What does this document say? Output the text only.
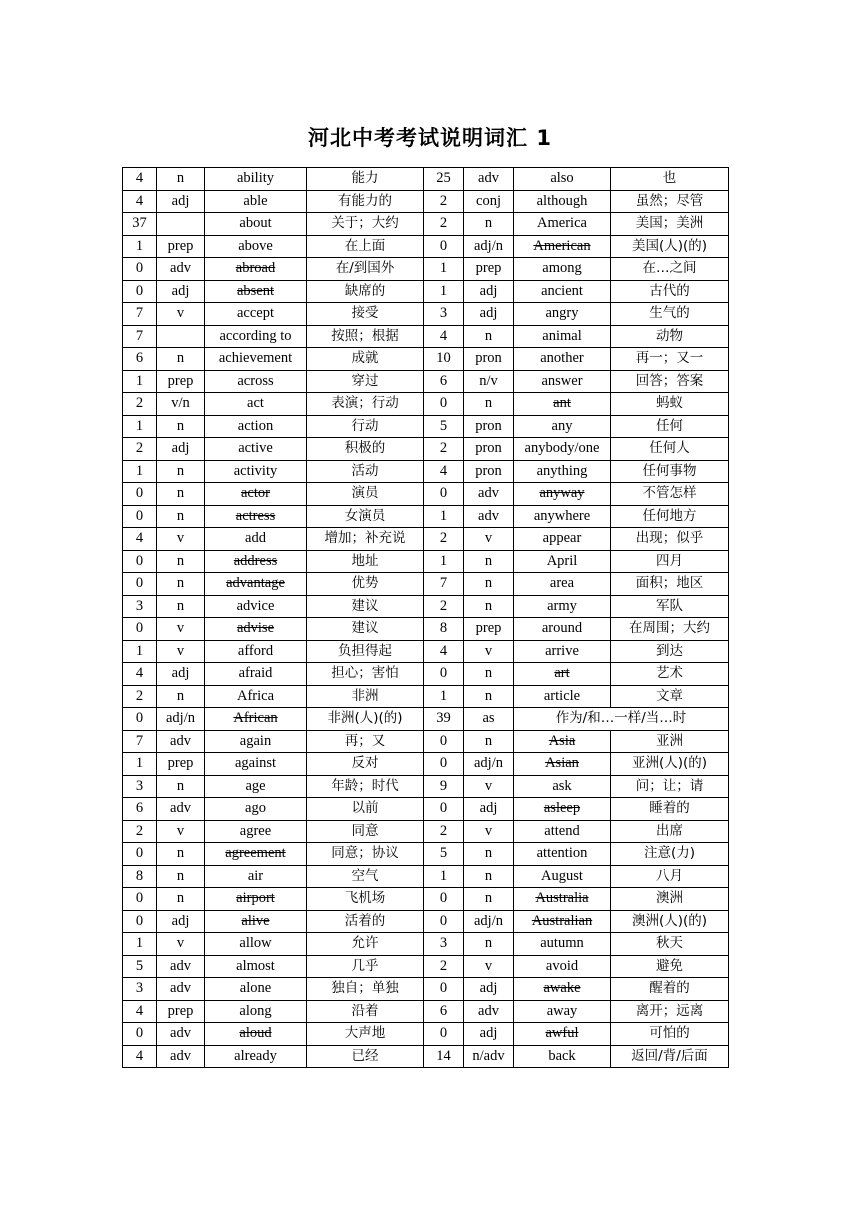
河北中考考试说明词汇 1
4	n	ability	能力	25	adv	also	也
4	adj	able	有能力的	2	conj	although	虽然；尽管
37		about	关于；大约	2	n	America	美国；美洲
1	prep	above	在上面	0	adj/n	American	美国(人)(的)
0	adv	abroad	在/到国外	1	prep	among	在…之间
0	adj	absent	缺席的	1	adj	ancient	古代的
7	v	accept	接受	3	adj	angry	生气的
7		according to	按照；根据	4	n	animal	动物
6	n	achievement	成就	10	pron	another	再一；又一
1	prep	across	穿过	6	n/v	answer	回答；答案
2	v/n	act	表演；行动	0	n	ant	蚂蚁
1	n	action	行动	5	pron	any	任何
2	adj	active	积极的	2	pron	anybody/one	任何人
1	n	activity	活动	4	pron	anything	任何事物
0	n	actor	演员	0	adv	anyway	不管怎样
0	n	actress	女演员	1	adv	anywhere	任何地方
4	v	add	增加；补充说	2	v	appear	出现；似乎
0	n	address	地址	1	n	April	四月
0	n	advantage	优势	7	n	area	面积；地区
3	n	advice	建议	2	n	army	军队
0	v	advise	建议	8	prep	around	在周围；大约
1	v	afford	负担得起	4	v	arrive	到达
4	adj	afraid	担心；害怕	0	n	art	艺术
2	n	Africa	非洲	1	n	article	文章
0	adj/n	African	非洲(人)(的)	39	as	作为/和…一样/当…时	
7	adv	again	再；又	0	n	Asia	亚洲
1	prep	against	反对	0	adj/n	Asian	亚洲(人)(的)
3	n	age	年龄；时代	9	v	ask	问；让；请
6	adv	ago	以前	0	adj	asleep	睡着的
2	v	agree	同意	2	v	attend	出席
0	n	agreement	同意；协议	5	n	attention	注意(力)
8	n	air	空气	1	n	August	八月
0	n	airport	飞机场	0	n	Australia	澳洲
0	adj	alive	活着的	0	adj/n	Australian	澳洲(人)(的)
1	v	allow	允许	3	n	autumn	秋天
5	adv	almost	几乎	2	v	avoid	避免
3	adv	alone	独自；单独	0	adj	awake	醒着的
4	prep	along	沿着	6	adv	away	离开；远离
0	adv	aloud	大声地	0	adj	awful	可怕的
4	adv	already	已经	14	n/adv	back	返回/背/后面
